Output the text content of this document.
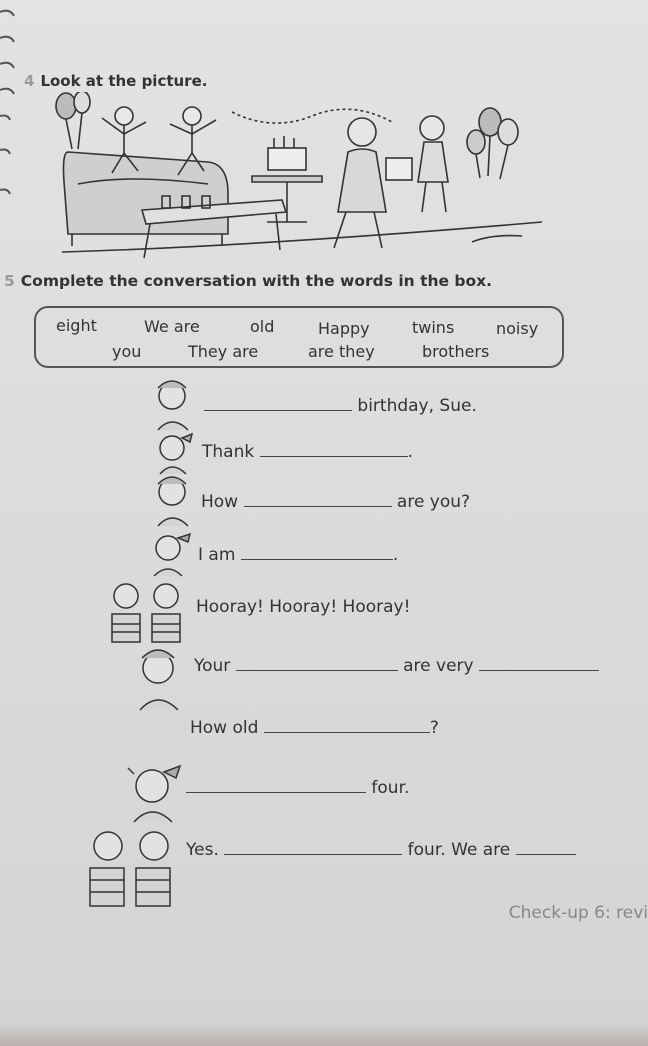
4 Look at the picture.
5 Complete the conversation with the words in the box.
eight	We are	old	Happy	twins	noisy
you	They are	are they	brothers
birthday, Sue.
Thank	.
How	are you?
I am	.
Hooray! Hooray! Hooray!
Your	are very
How old	?
four.
Yes.	four. We are
Check-up 6: revi
